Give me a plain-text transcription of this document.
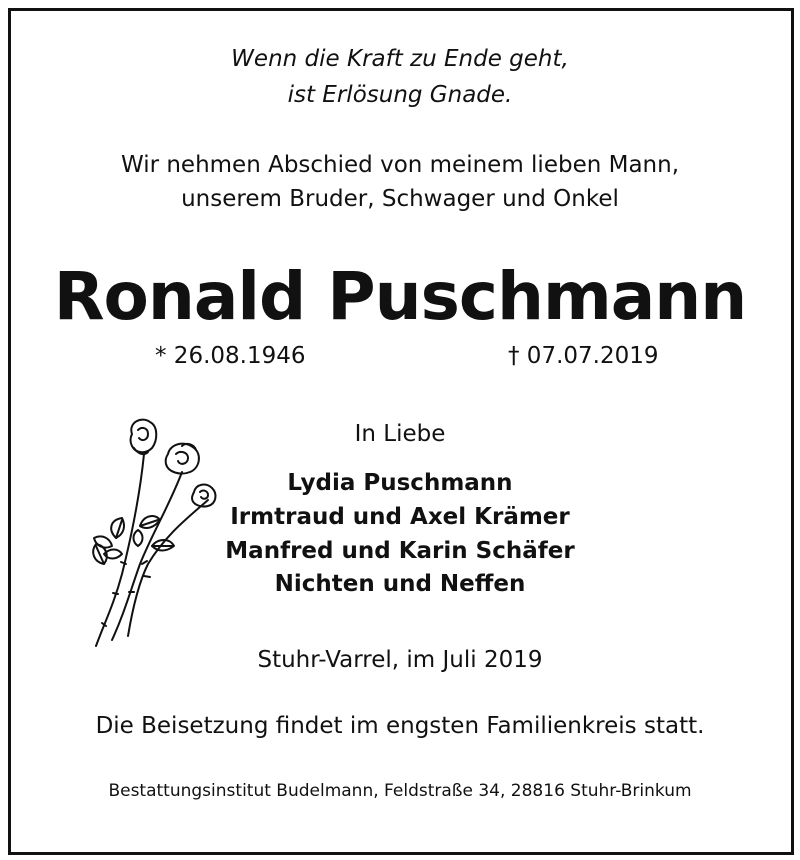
Wenn die Kraft zu Ende geht,
ist Erlösung Gnade.
Wir nehmen Abschied von meinem lieben Mann,
unserem Bruder, Schwager und Onkel
Ronald Puschmann
* 26.08.1946	† 07.07.2019
In Liebe
Lydia Puschmann
Irmtraud und Axel Krämer
Manfred und Karin Schäfer
Nichten und Neffen
Stuhr-Varrel, im Juli 2019
Die Beisetzung findet im engsten Familienkreis statt.
Bestattungsinstitut Budelmann, Feldstraße 34, 28816 Stuhr-Brinkum
